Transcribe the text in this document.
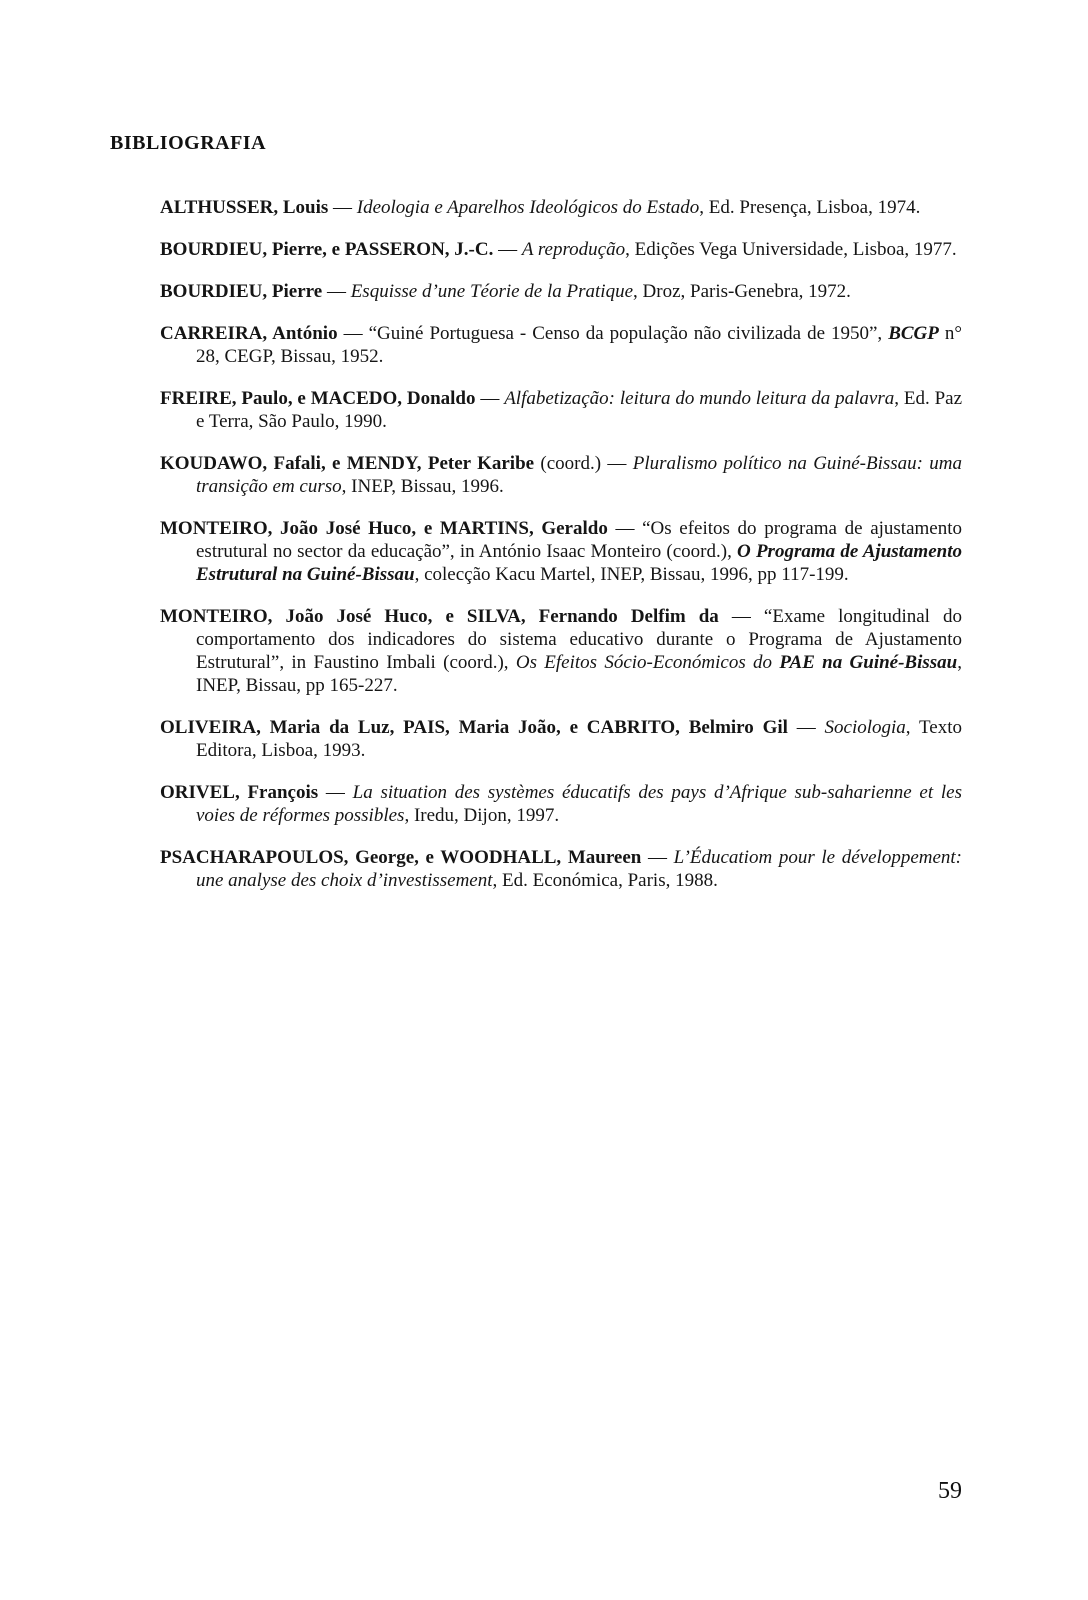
BIBLIOGRAFIA

ALTHUSSER, Louis — Ideologia e Aparelhos Ideológicos do Estado, Ed. Presença, Lisboa, 1974.

BOURDIEU, Pierre, e PASSERON, J.-C. — A reprodução, Edições Vega Universidade, Lisboa, 1977.

BOURDIEU, Pierre — Esquisse d’une Téorie de la Pratique, Droz, Paris-Genebra, 1972.

CARREIRA, António — “Guiné Portuguesa - Censo da população não civilizada de 1950”, BCGP n° 28, CEGP, Bissau, 1952.

FREIRE, Paulo, e MACEDO, Donaldo — Alfabetização: leitura do mundo leitura da palavra, Ed. Paz e Terra, São Paulo, 1990.

KOUDAWO, Fafali, e MENDY, Peter Karibe (coord.) — Pluralismo político na Guiné-Bissau: uma transição em curso, INEP, Bissau, 1996.

MONTEIRO, João José Huco, e MARTINS, Geraldo — “Os efeitos do programa de ajustamento estrutural no sector da educação”, in António Isaac Monteiro (coord.), O Programa de Ajustamento Estrutural na Guiné-Bissau, colecção Kacu Martel, INEP, Bissau, 1996, pp 117-199.

MONTEIRO, João José Huco, e SILVA, Fernando Delfim da — “Exame longitudinal do comportamento dos indicadores do sistema educativo durante o Programa de Ajustamento Estrutural”, in Faustino Imbali (coord.), Os Efeitos Sócio-Económicos do PAE na Guiné-Bissau, INEP, Bissau, pp 165-227.

OLIVEIRA, Maria da Luz, PAIS, Maria João, e CABRITO, Belmiro Gil — Sociologia, Texto Editora, Lisboa, 1993.

ORIVEL, François — La situation des systèmes éducatifs des pays d’Afrique sub-saharienne et les voies de réformes possibles, Iredu, Dijon, 1997.

PSACHARAPOULOS, George, e WOODHALL, Maureen — L’Éducatiom pour le développement: une analyse des choix d’investissement, Ed. Económica, Paris, 1988.

59
